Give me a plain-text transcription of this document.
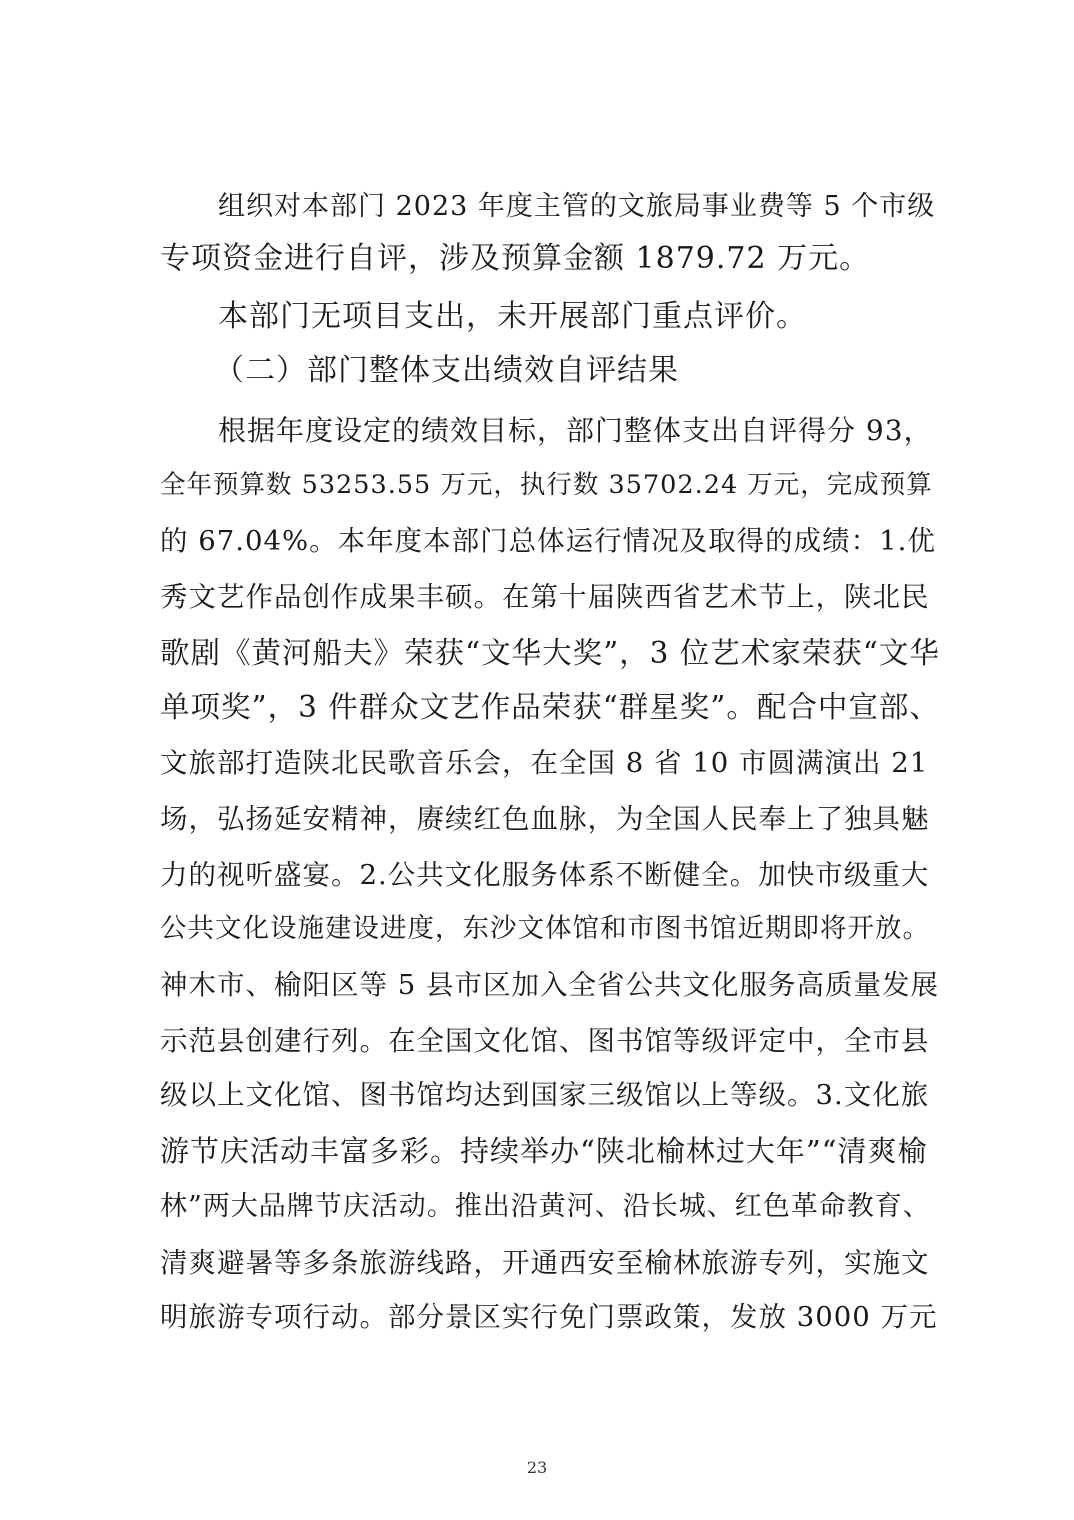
组织对本部门 2023 年度主管的文旅局事业费等 5 个市级
专项资金进行自评，涉及预算金额 1879.72 万元。
本部门无项目支出，未开展部门重点评价。
（二）部门整体支出绩效自评结果
根据年度设定的绩效目标，部门整体支出自评得分 93，
全年预算数 53253.55 万元，执行数 35702.24 万元，完成预算
的 67.04%。本年度本部门总体运行情况及取得的成绩：1.优
秀文艺作品创作成果丰硕。在第十届陕西省艺术节上，陕北民
歌剧《黄河船夫》荣获“文华大奖”，3 位艺术家荣获“文华
单项奖”，3 件群众文艺作品荣获“群星奖”。配合中宣部、
文旅部打造陕北民歌音乐会，在全国 8 省 10 市圆满演出 21
场，弘扬延安精神，赓续红色血脉，为全国人民奉上了独具魅
力的视听盛宴。2.公共文化服务体系不断健全。加快市级重大
公共文化设施建设进度，东沙文体馆和市图书馆近期即将开放。
神木市、榆阳区等 5 县市区加入全省公共文化服务高质量发展
示范县创建行列。在全国文化馆、图书馆等级评定中，全市县
级以上文化馆、图书馆均达到国家三级馆以上等级。3.文化旅
游节庆活动丰富多彩。持续举办“陕北榆林过大年”“清爽榆
林”两大品牌节庆活动。推出沿黄河、沿长城、红色革命教育、
清爽避暑等多条旅游线路，开通西安至榆林旅游专列，实施文
明旅游专项行动。部分景区实行免门票政策，发放 3000 万元
23
